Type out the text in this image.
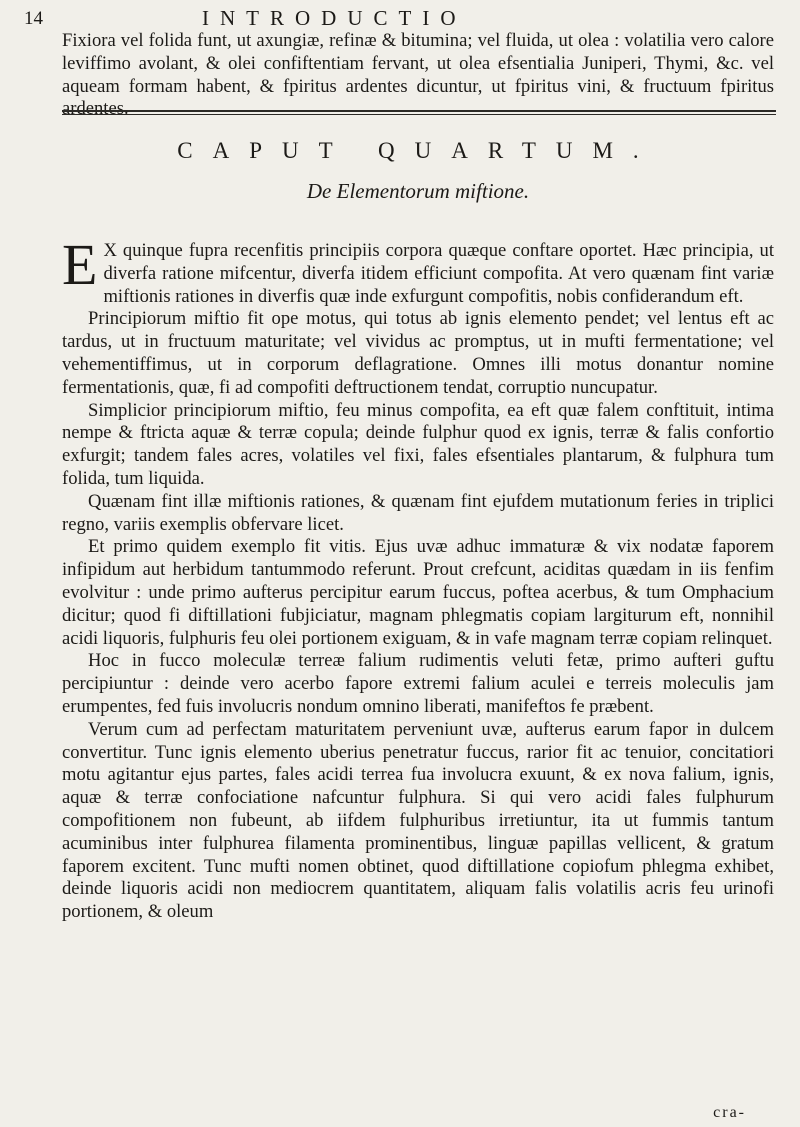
14	INTRODUCTIO

Fixiora vel folida funt, ut axungiæ, refinæ & bitumina; vel fluida, ut olea : volatilia vero calore leviffimo avolant, & olei confiftentiam fervant, ut olea efsentialia Juniperi, Thymi, &c. vel aqueam formam habent, & fpiritus ardentes dicuntur, ut fpiritus vini, & fructuum fpiritus ardentes.

CAPUT QUARTUM.
De Elementorum miftione.

E X quinque fupra recenfitis principiis corpora quæque conftare oportet. Hæc principia, ut diverfa ratione mifcentur, diverfa itidem efficiunt compofita. At vero quænam fint variæ miftionis rationes in diverfis quæ inde exfurgunt compofitis, nobis confiderandum eft.

Principiorum miftio fit ope motus, qui totus ab ignis elemento pendet; vel lentus eft ac tardus, ut in fructuum maturitate; vel vividus ac promptus, ut in mufti fermentatione; vel vehementiffimus, ut in corporum deflagratione. Omnes illi motus donantur nomine fermentationis, quæ, fi ad compofiti deftructionem tendat, corruptio nuncupatur.

Simplicior principiorum miftio, feu minus compofita, ea eft quæ falem conftituit, intima nempe & ftricta aquæ & terræ copula; deinde fulphur quod ex ignis, terræ & falis confortio exfurgit; tandem fales acres, volatiles vel fixi, fales efsentiales plantarum, & fulphura tum folida, tum liquida.

Quænam fint illæ miftionis rationes, & quænam fint ejufdem mutationum feries in triplici regno, variis exemplis obfervare licet.

Et primo quidem exemplo fit vitis. Ejus uvæ adhuc immaturæ & vix nodatæ faporem infipidum aut herbidum tantummodo referunt. Prout crefcunt, aciditas quædam in iis fenfim evolvitur : unde primo aufterus percipitur earum fuccus, poftea acerbus, & tum Omphacium dicitur; quod fi diftillationi fubjiciatur, magnam phlegmatis copiam largiturum eft, nonnihil acidi liquoris, fulphuris feu olei portionem exiguam, & in vafe magnam terræ copiam relinquet.

Hoc in fucco moleculæ terreæ falium rudimentis veluti fetæ, primo aufteri guftu percipiuntur : deinde vero acerbo fapore extremi falium aculei e terreis moleculis jam erumpentes, fed fuis involucris nondum omnino liberati, manifeftos fe præbent.

Verum cum ad perfectam maturitatem perveniunt uvæ, aufterus earum fapor in dulcem convertitur. Tunc ignis elemento uberius penetratur fuccus, rarior fit ac tenuior, concitatiori motu agitantur ejus partes, fales acidi terrea fua involucra exuunt, & ex nova falium, ignis, aquæ & terræ confociatione nafcuntur fulphura. Si qui vero acidi fales fulphurum compofitionem non fubeunt, ab iifdem fulphuribus irretiuntur, ita ut fummis tantum acuminibus inter fulphurea filamenta prominentibus, linguæ papillas vellicent, & gratum faporem excitent. Tunc mufti nomen obtinet, quod diftillatione copiofum phlegma exhibet, deinde liquoris acidi non mediocrem quantitatem, aliquam falis volatilis acris feu urinofi portionem, & oleum

cra-
